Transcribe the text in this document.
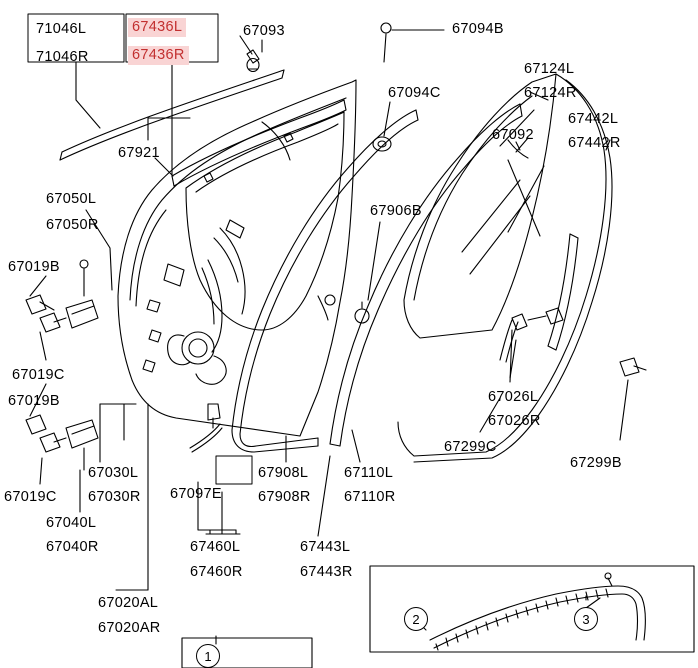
71046L
71046R
67436L
67436R
67093	67094B
67094C
67124L
67124R
67442L
67442R
67092
67921
67050L
67050R
67906B
67019B
67019C
67019B	67026L
67026R
67299C
67299B
67030L
67030R
67019C	67097E
67908L
67908R
67110L
67110R
67040L
67040R	67460L
67460R
67443L
67443R
67020AL
67020AR
2	3
1
